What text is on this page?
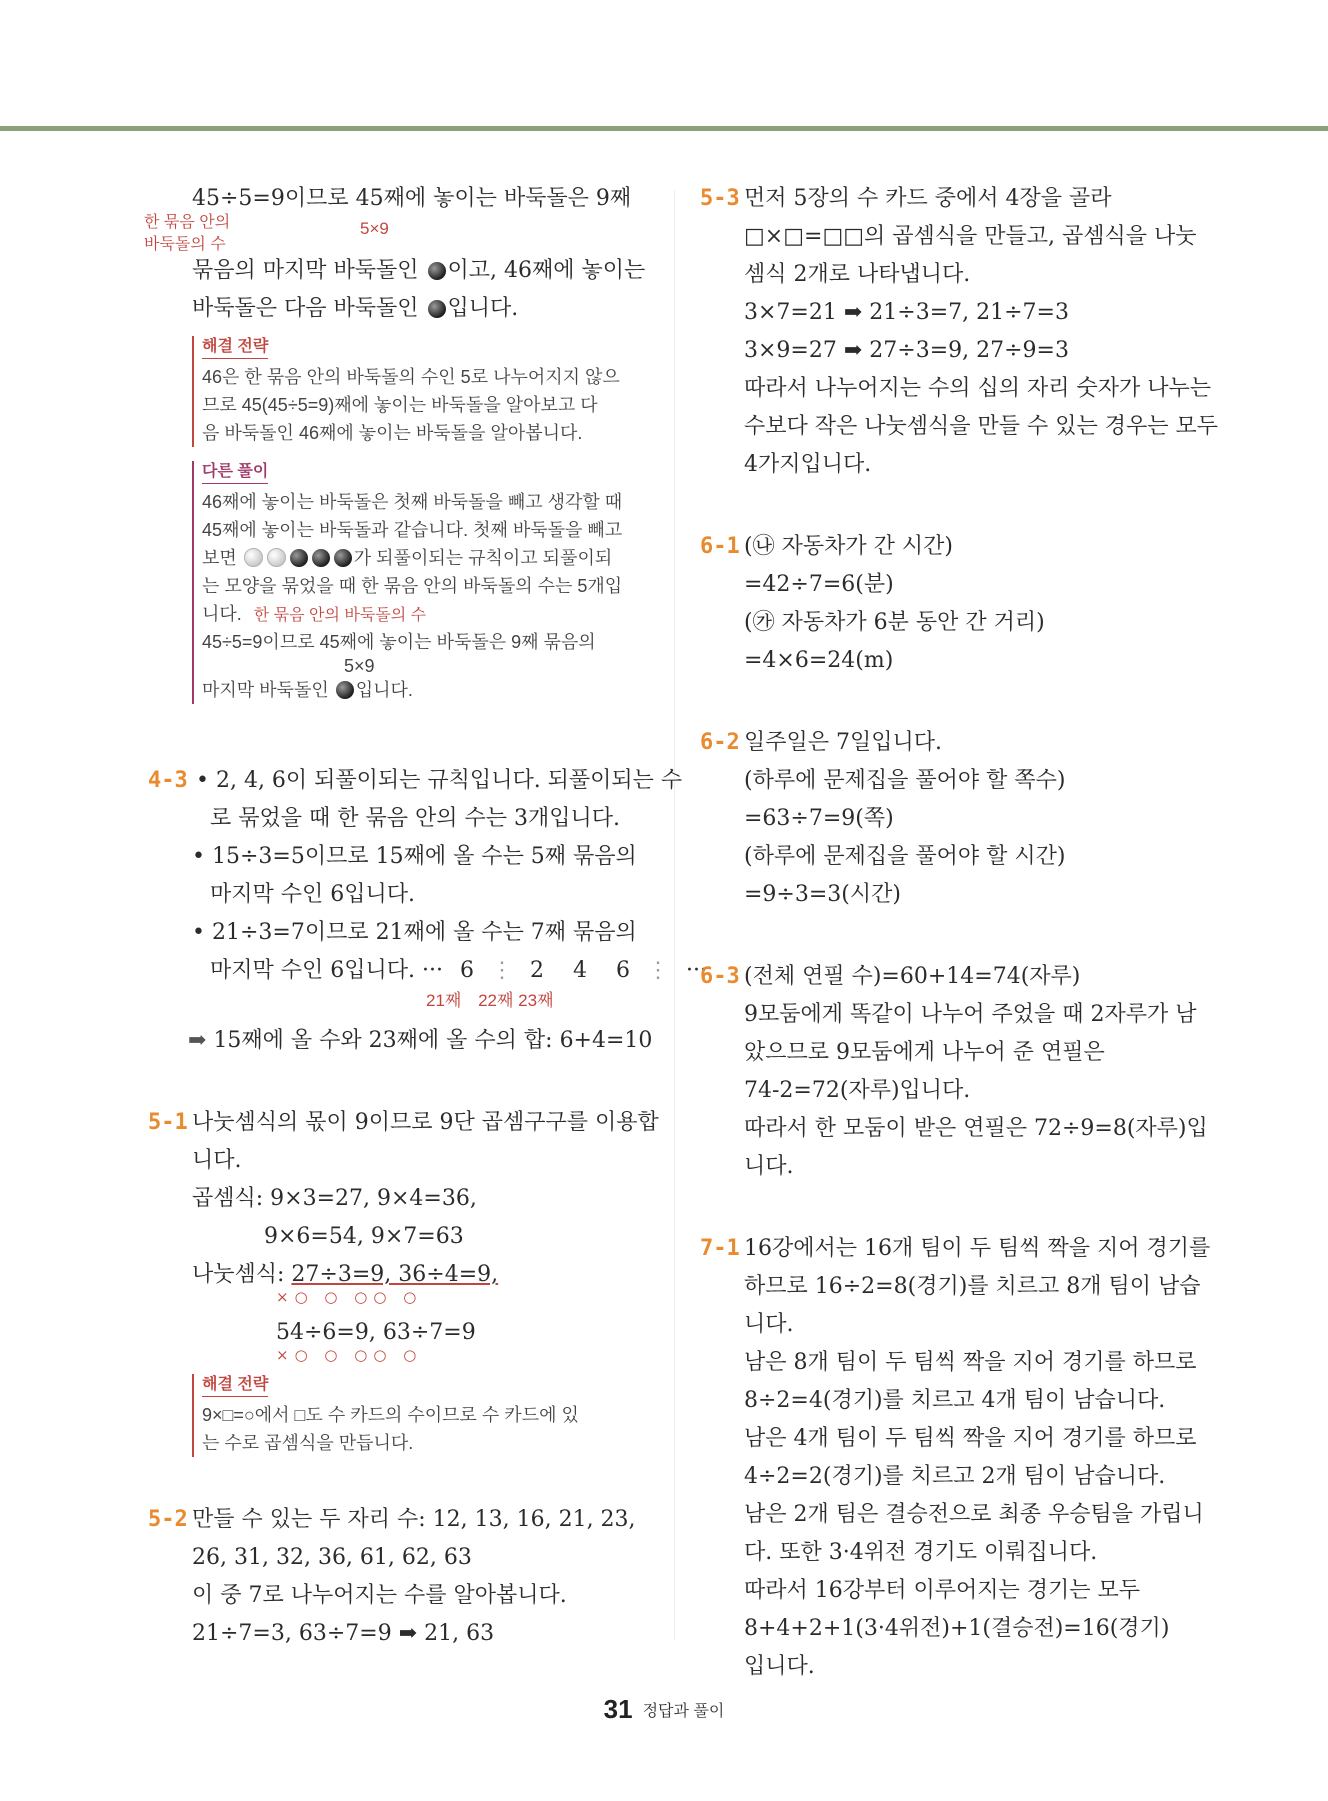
45÷5=9이므로 45째에 놓이는 바둑돌은 9째

한 묶음 안의
바둑돌의 수
5×9

묶음의 마지막 바둑돌인 이고, 46째에 놓이는

바둑돌은 다음 바둑돌인 입니다.

해결 전략

46은 한 묶음 안의 바둑돌의 수인 5로 나누어지지 않으

므로 45(45÷5=9)째에 놓이는 바둑돌을 알아보고 다

음 바둑돌인 46째에 놓이는 바둑돌을 알아봅니다.

다른 풀이

46째에 놓이는 바둑돌은 첫째 바둑돌을 빼고 생각할 때

45째에 놓이는 바둑돌과 같습니다. 첫째 바둑돌을 빼고

보면	가 되풀이되는 규칙이고 되풀이되

는 모양을 묶었을 때 한 묶음 안의 바둑돌의 수는 5개입

니다. 한 묶음 안의 바둑돌의 수

45÷5=9이므로 45째에 놓이는 바둑돌은 9째 묶음의

5×9

마지막 바둑돌인 입니다.

4-3 • 2, 4, 6이 되풀이되는 규칙입니다. 되풀이되는 수

로 묶었을 때 한 묶음 안의 수는 3개입니다.

• 15÷3=5이므로 15째에 올 수는 5째 묶음의

마지막 수인 6입니다.

• 21÷3=7이므로 21째에 올 수는 7째 묶음의

마지막 수인 6입니다. ··· 6 ⋮ 2 4 6 ⋮ ···

21째 22째 23째

➡ 15째에 올 수와 23째에 올 수의 합: 6+4=10

5-1 나눗셈식의 몫이 9이므로 9단 곱셈구구를 이용합

니다.

곱셈식: 9×3=27, 9×4=36,

9×6=54, 9×7=63

나눗셈식: 27÷3=9, 36÷4=9,

×○ ○ ○○ ○

54÷6=9, 63÷7=9

×○ ○ ○○ ○
해결 전략

9×□=○에서 □도 수 카드의 수이므로 수 카드에 있

는 수로 곱셈식을 만듭니다.

5-2 만들 수 있는 두 자리 수: 12, 13, 16, 21, 23,

26, 31, 32, 36, 61, 62, 63

이 중 7로 나누어지는 수를 알아봅니다.

21÷7=3, 63÷7=9 ➡ 21, 63

5-3 먼저 5장의 수 카드 중에서 4장을 골라

□×□=□□의 곱셈식을 만들고, 곱셈식을 나눗

셈식 2개로 나타냅니다.

3×7=21 ➡ 21÷3=7, 21÷7=3

3×9=27 ➡ 27÷3=9, 27÷9=3

따라서 나누어지는 수의 십의 자리 숫자가 나누는

수보다 작은 나눗셈식을 만들 수 있는 경우는 모두

4가지입니다.

6-1 (㉯ 자동차가 간 시간)

=42÷7=6(분)

(㉮ 자동차가 6분 동안 간 거리)

=4×6=24(m)

6-2 일주일은 7일입니다.

(하루에 문제집을 풀어야 할 쪽수)

=63÷7=9(쪽)

(하루에 문제집을 풀어야 할 시간)

=9÷3=3(시간)

6-3 (전체 연필 수)=60+14=74(자루)

9모둠에게 똑같이 나누어 주었을 때 2자루가 남

았으므로 9모둠에게 나누어 준 연필은

74-2=72(자루)입니다.

따라서 한 모둠이 받은 연필은 72÷9=8(자루)입

니다.

7-1 16강에서는 16개 팀이 두 팀씩 짝을 지어 경기를

하므로 16÷2=8(경기)를 치르고 8개 팀이 남습

니다.

남은 8개 팀이 두 팀씩 짝을 지어 경기를 하므로

8÷2=4(경기)를 치르고 4개 팀이 남습니다.

남은 4개 팀이 두 팀씩 짝을 지어 경기를 하므로

4÷2=2(경기)를 치르고 2개 팀이 남습니다.

남은 2개 팀은 결승전으로 최종 우승팀을 가립니

다. 또한 3·4위전 경기도 이뤄집니다.

따라서 16강부터 이루어지는 경기는 모두

8+4+2+1(3·4위전)+1(결승전)=16(경기)

입니다.

31 정답과 풀이
